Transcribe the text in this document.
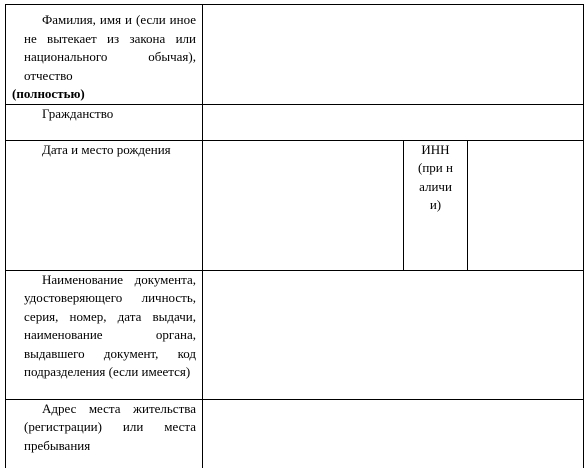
Фамилия, имя и (если иное не вытекает из закона или национального обычая), отчество
(полностью)			

Гражданство			

Дата и место рождения		ИНН (при наличии)	

Наименование документа, удостоверяющего личность, серия, номер, дата выдачи, наименование органа, выдавшего документ, код подразделения (если имеется)			

Адрес места жительства (регистрации) или места пребывания			
